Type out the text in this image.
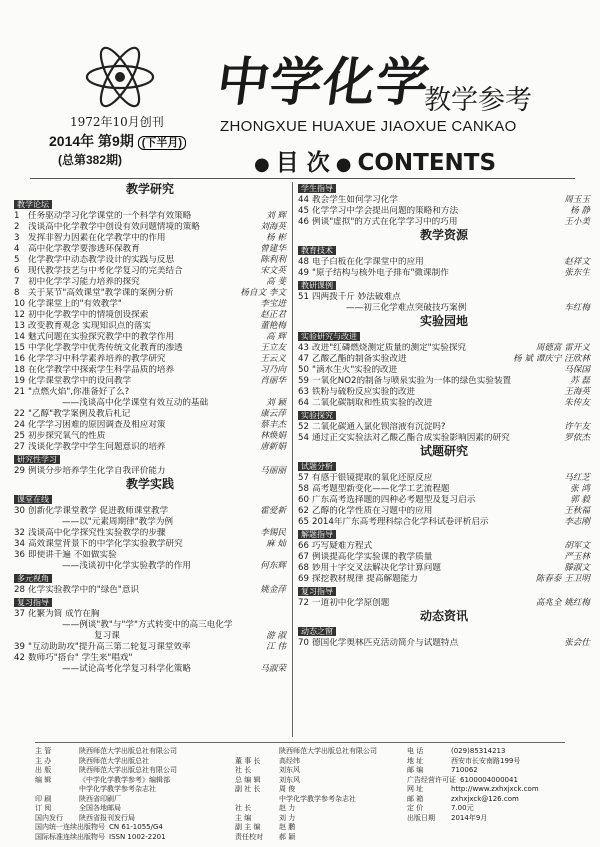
1972年10月创刊
2014年 第9期 (下半月)
(总第382期)
中学化学
教学参考
ZHONGXUE HUAXUE JIAOXUE CANKAO
● 目 次 ● CONTENTS
教学研究
教学论坛
1 任务驱动学习化学课堂的一个科学有效策略	刘 辉
2 浅谈高中化学教学中创设有效问题情境的策略	刘海英
3 发挥非智力因素在化学教学中的作用	杨 彬
4 高中化学教学要渗透环保教育	曾建华
5 化学教学中动态教学设计的实践与反思	陈利利
6 现代教学技艺与中考化学复习的完美结合	宋文英
7 初中化学学习能力培养的探究	高 斐
8 关于某节"高效课堂"教学课的案例分析	杨自文 李文
10 化学课堂上的"有效教学"	李宝进
12 初中化学教学中的情境创设探索	赵正君
13 改变教育观念 实现知识点的落实	董艳梅
14 魅式问题在实验探究教学中的教学作用	高 辉
15 中学化学教学中优秀传统文化教育的渗透	王立友
16 化学学习中科学素养培养的教学研究	王云义
18 在化学教学中探索学生科学品质的培养	习乃向
19 化学课堂教学中的设问教学	肖丽华
21 "点燃火焰",你准备好了么?
——浅谈高中化学课堂有效互动的基础	刘 颖
22 "乙醇"教学案例及教后札记	康云萍
24 化学学习困难的原因调查及相应对策	蔡丰杰
25 初步探究氧气的性质	林焕娟
27 浅谈化学教学中学生问题意识的培养	唐新娟
研究性学习
29 例谈分步培养学生化学自我评价能力	马丽丽
教学实践
课堂在线
30 创新化学课堂教学 促进教师课堂教学	霍爱新
——以"元素周期律"教学为例
32 浅谈高中化学探究性实验教学的步骤	李锡民
34 高效课堂背景下的中学化学实验教学研究	麻 灿
36 即使讲千遍 不如做实验
——浅谈初中化学实验教学的作用	何东辉
多元视角
28 化学实验教学中的"绿色"意识	姚金萍
复习指导
37 化繁为简 成竹在胸
——例谈"教"与"学"方式转变中的高三电化学
复习课	游 淑
39 "互动助助攻"提升高三第二轮复习课堂效率	江 伟
42 数师巧"搭台" 学生来"唱戏"
——试论高考化学复习科学化策略	马淑荣
学生指导
44 教会学生如何学习化学	周玉玉
45 化学学习中学会提出问题的策略和方法	杨 静
46 例谈"虚拟"的方式在化学学习中的巧用	王小美
教学资源
教育技术
48 电子白板在化学课堂中的应用	赵祥文
49 "原子结构与核外电子排布"微课制作	张东生
教研课例
51 四两拨千斤 妙法破难点
——初三化学难点突破技巧案例	车红梅
实验园地
实验研究与改进
43 改进"红磷燃烧测定质量的测定"实验探究	周德富 雷开义
47 乙酸乙酯的制备实验改进	杨 斌 谭庆宁 汪欣林
50 "滴水生火"实验的改进	马保国
59 一氧化NO2的制备与喷泉实验为一体的绿色实验装置	苏 磊
63 铁粉与硫粉反应实验的改进	王海英
64 二氧化碳制取和性质实验的改进	朱传友
实验探究
52 二氧化碳通入氯化钡溶液有沉淀吗?	许午友
54 通过正交实验法对乙酸乙酯合成实验影响因素的研究	罗依杰
试题研究
试题分析
57 有感于银镜提取的氧化还原反应	马红芝
58 高考题型新变化——化学工艺流程题	张 鸿
60 广东高考选择题的四种必考题型及复习启示	郭 毅
62 乙醇的化学性质在习题中的应用	王秋福
65 2014年广东高考理科综合化学科试卷评析启示	李志刚
解题指导
66 巧写疑难方程式	胡军文
67 例谈提高化学实验课的教学质量	严玉林
68 妙用十字交叉法解决化学计算问题	滕淑文
69 探挖教材规律 提高解题能力	陈春泰 王卫明
复习指导
72 一道初中化学原创题	高兆全 姚红梅
动态资讯
动态之窗
70 德国化学奥林匹克活动简介与试题特点	张会仕
主 管	陕西师范大学出版总社有限公司
主 办	陕西师范大学出版总社
出 版	陕西师范大学出版总社有限公司
编 辑	《中学化学教学参考》编辑部
中学化学教学参考杂志社
印 刷	陕西省印刷厂
订 阅	全国各地邮局
国内发行	陕西省报刊发行局
国内统一连续出版物号 CN 61-1055/G4
国际标准连续出版物号 ISSN 1002-2201
陕西师范大学出版总社有限公司
董 事 长	高经纬
社 长	刘东风
总 编 辑	刘东风
副 社 长	周 俊
中学化学教学参考杂志社
社 长	赵 力
主 编	刘 力
副 主 编	赵 鹏
责任校对	郝 颖
电 话	(029)85314213
地 址	西安市长安南路199号
邮 编	710062
广告经营许可证 6100004000041
网 址	http://www.zxhxjxck.com
邮 箱	zxhxjxck@126.com
定 价	7.00元
出版日期	2014年9月
